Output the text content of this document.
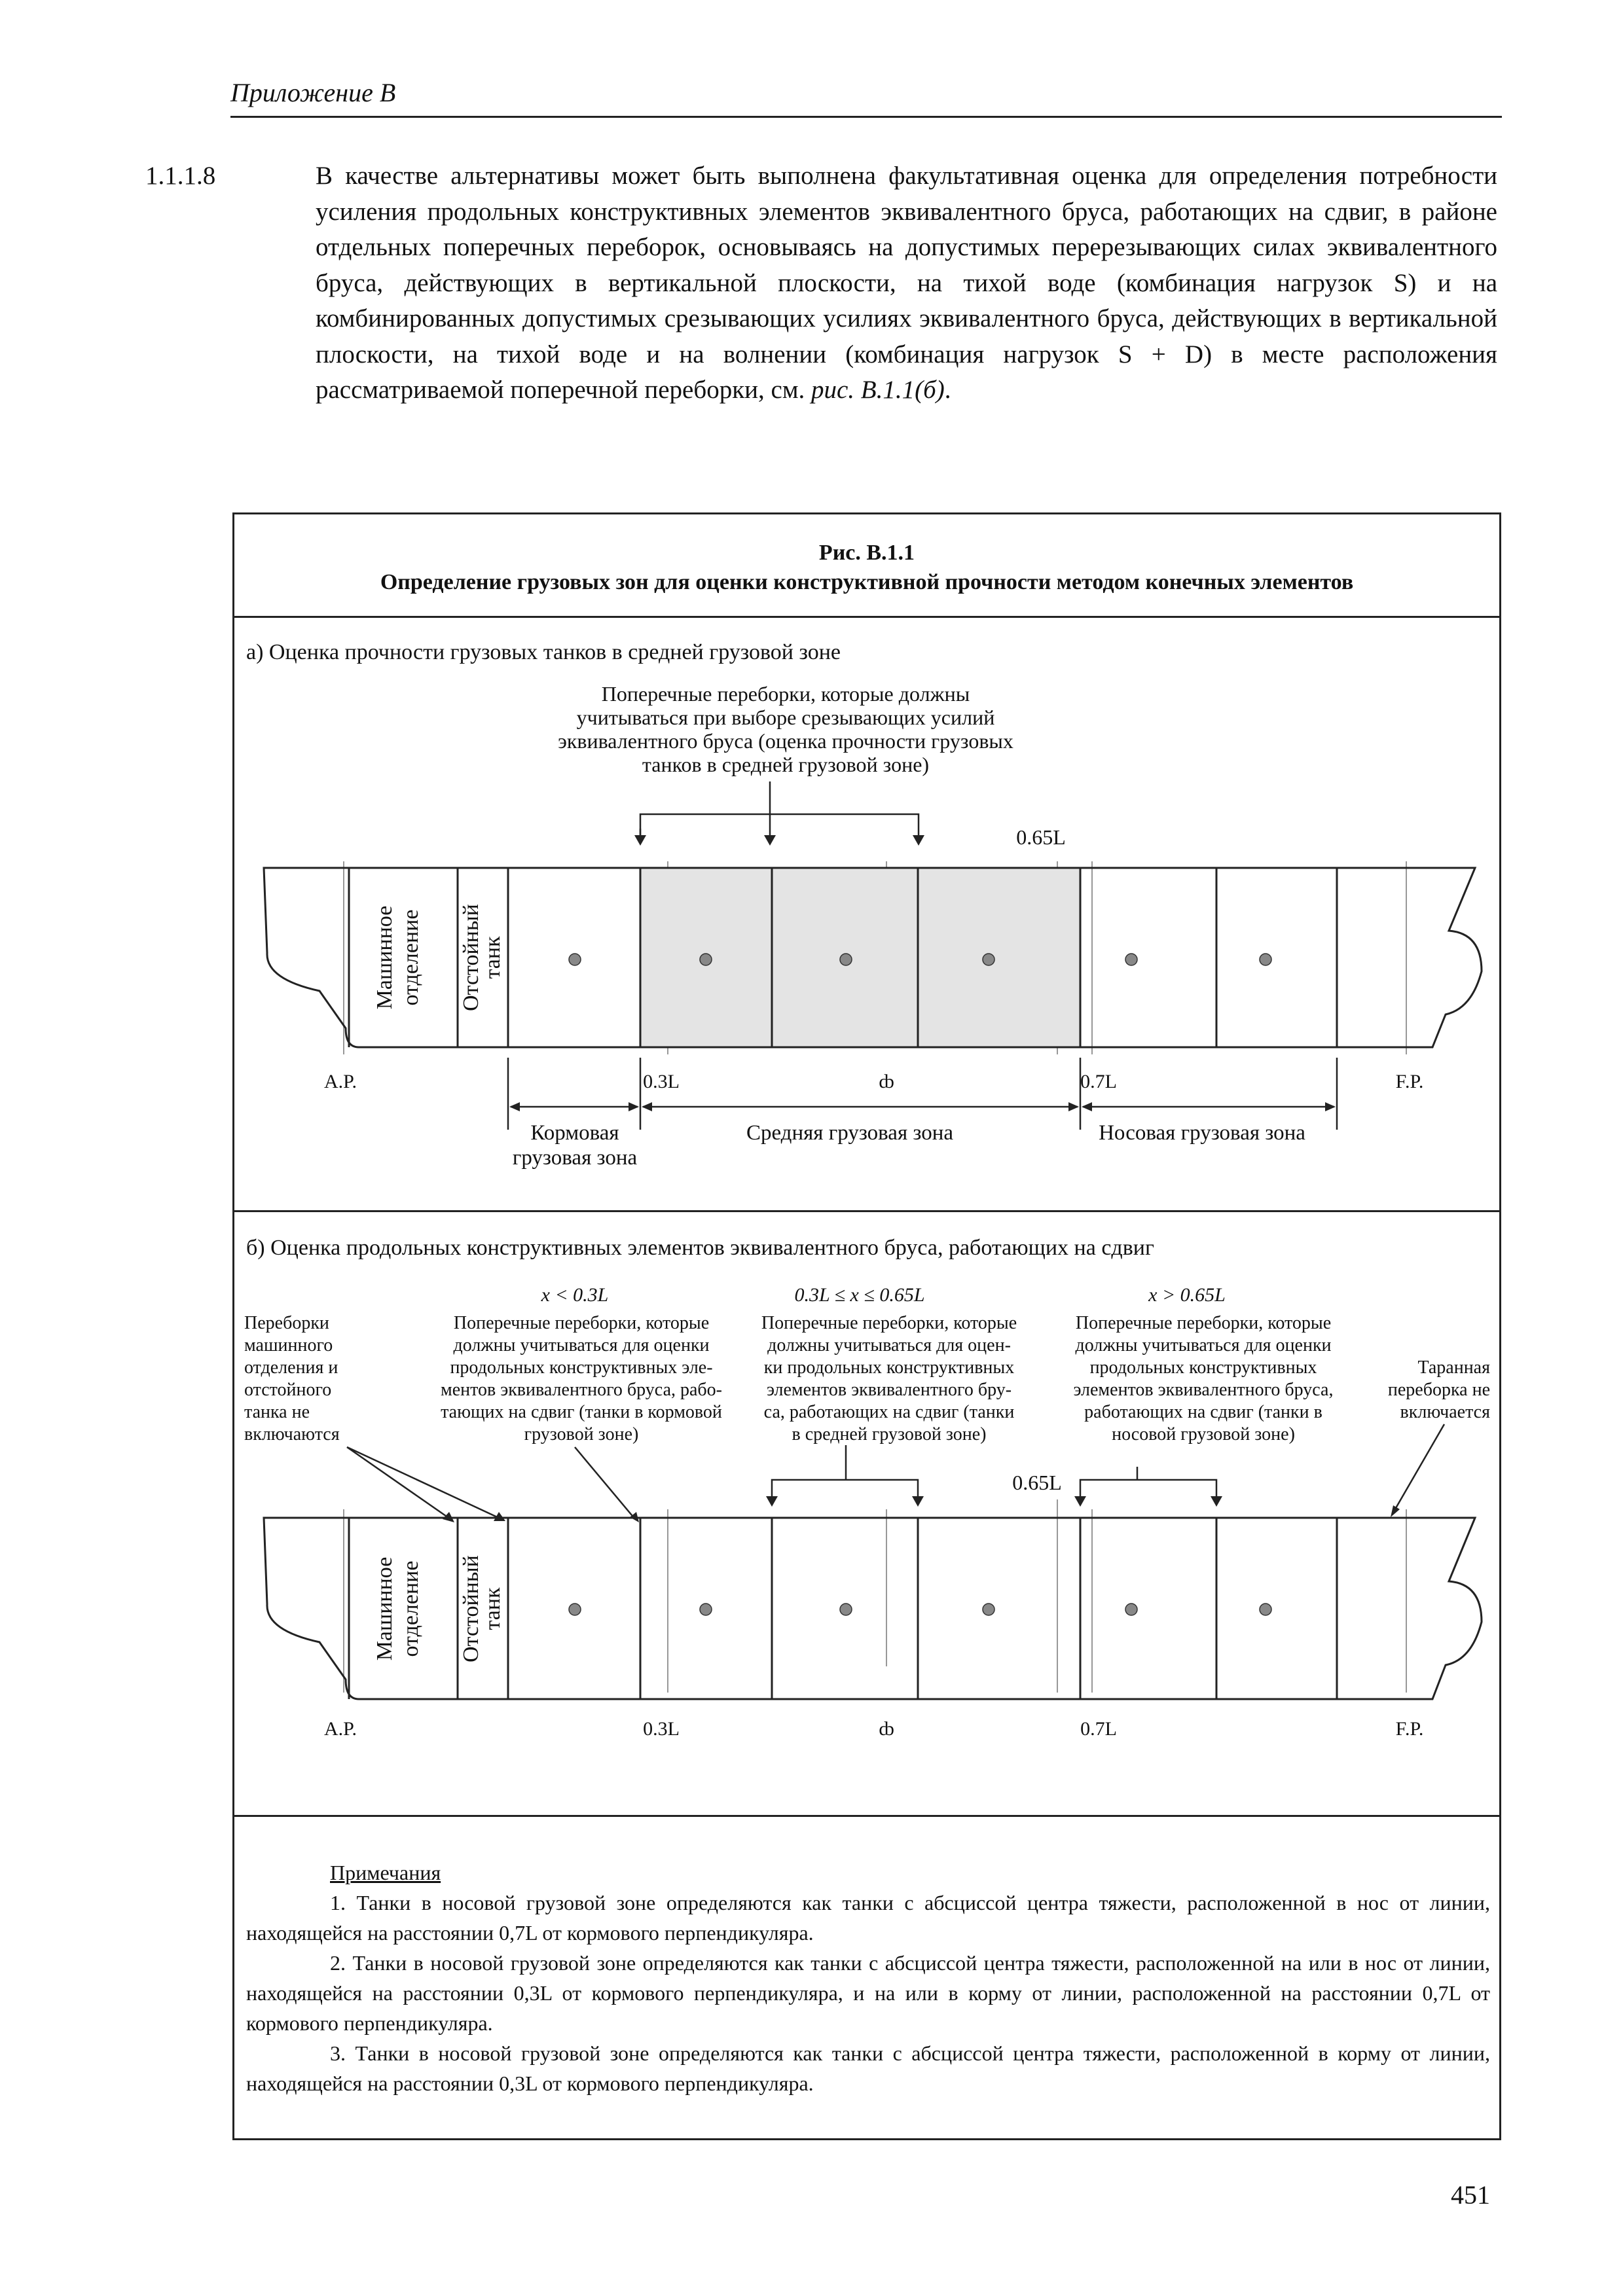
Приложение В

1.1.1.8	В качестве альтернативы может быть выполнена факультативная оценка для определения потребности усиления продольных конструктивных элементов эквивалентного бруса, работающих на сдвиг, в районе отдельных поперечных переборок, основываясь на допустимых перерезывающих силах эквивалентного бруса, действующих в вертикальной плоскости, на тихой воде (комбинация нагрузок S) и на комбинированных допустимых срезывающих усилиях эквивалентного бруса, действующих в вертикальной плоскости, на тихой воде и на волнении (комбинация нагрузок S + D) в месте расположения рассматриваемой поперечной переборки, см. рис. В.1.1(б).

Рис. В.1.1
Определение грузовых зон для оценки конструктивной прочности методом конечных элементов
а) Оценка прочности грузовых танков в средней грузовой зоне
Поперечные переборки, которые должны
учитываться при выборе срезывающих усилий
эквивалентного бруса (оценка прочности грузовых
танков в средней грузовой зоне)
0.65L
Машинное отделение Отстойный
танк
A.P.	0.3L	ȸ	0.7L	F.P.
Кормовая
грузовая зона
Средняя грузовая зона	Носовая грузовая зона
б) Оценка продольных конструктивных элементов эквивалентного бруса, работающих на сдвиг
x < 0.3L	0.3L ≤ x ≤ 0.65L	x > 0.65L
Переборки
машинного
отделения и
отстойного
танка не
включаются
Поперечные переборки, которые
должны учитываться для оценки
продольных конструктивных эле-
ментов эквивалентного бруса, рабо-
тающих на сдвиг (танки в кормовой
грузовой зоне)
Поперечные переборки, которые
должны учитываться для оцен-
ки продольных конструктивных
элементов эквивалентного бру-
са, работающих на сдвиг (танки
в средней грузовой зоне)
Поперечные переборки, которые
должны учитываться для оценки
продольных конструктивных
элементов эквивалентного бруса,
работающих на сдвиг (танки в
носовой грузовой зоне)
Таранная
переборка не
включается
0.65L
Машинное отделение Отстойный
танк
A.P.	0.3L	ȸ	0.7L	F.P.
Примечания

1. Танки в носовой грузовой зоне определяются как танки с абсциссой центра тяжести, расположенной в нос от линии, находящейся на расстоянии 0,7L от кормового перпендикуляра.

2. Танки в носовой грузовой зоне определяются как танки с абсциссой центра тяжести, расположенной на или в нос от линии, находящейся на расстоянии 0,3L от кормового перпендикуляра, и на или в корму от линии, расположенной на расстоянии 0,7L от кормового перпендикуляра.

3. Танки в носовой грузовой зоне определяются как танки с абсциссой центра тяжести, расположенной в корму от линии, находящейся на расстоянии 0,3L от кормового перпендикуляра.

451
